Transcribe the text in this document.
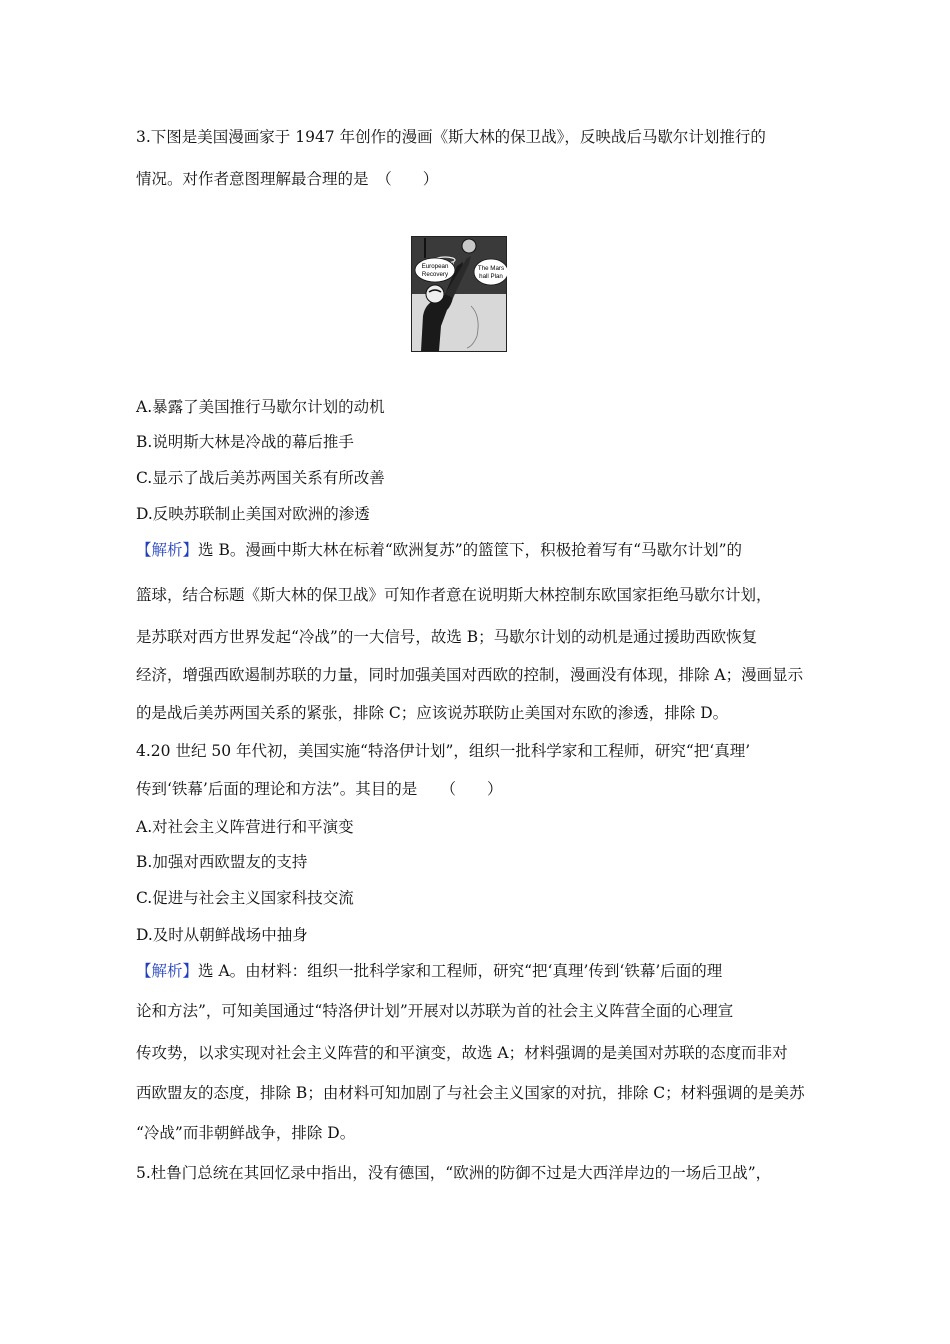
3.下图是美国漫画家于 1947 年创作的漫画《斯大林的保卫战》，反映战后马歇尔计划推行的
情况。对作者意图理解最合理的是　（　　）
European
Recovery
The Mars
hall Plan
A.暴露了美国推行马歇尔计划的动机
B.说明斯大林是冷战的幕后推手
C.显示了战后美苏两国关系有所改善
D.反映苏联制止美国对欧洲的渗透
【解析】选 B。漫画中斯大林在标着“欧洲复苏”的篮筐下，积极抢着写有“马歇尔计划”的
篮球，结合标题《斯大林的保卫战》可知作者意在说明斯大林控制东欧国家拒绝马歇尔计划，
是苏联对西方世界发起“冷战”的一大信号，故选 B；马歇尔计划的动机是通过援助西欧恢复
经济，增强西欧遏制苏联的力量，同时加强美国对西欧的控制，漫画没有体现，排除 A；漫画显示
的是战后美苏两国关系的紧张，排除 C；应该说苏联防止美国对东欧的渗透，排除 D。
4.20 世纪 50 年代初，美国实施“特洛伊计划”，组织一批科学家和工程师，研究“把‘真理’
传到‘铁幕’后面的理论和方法”。其目的是　　（　　）
A.对社会主义阵营进行和平演变
B.加强对西欧盟友的支持
C.促进与社会主义国家科技交流
D.及时从朝鲜战场中抽身
【解析】选 A。由材料：组织一批科学家和工程师，研究“把‘真理’传到‘铁幕’后面的理
论和方法”，可知美国通过“特洛伊计划”开展对以苏联为首的社会主义阵营全面的心理宣
传攻势，以求实现对社会主义阵营的和平演变，故选 A；材料强调的是美国对苏联的态度而非对
西欧盟友的态度，排除 B；由材料可知加剧了与社会主义国家的对抗，排除 C；材料强调的是美苏
“冷战”而非朝鲜战争，排除 D。
5.杜鲁门总统在其回忆录中指出，没有德国，“欧洲的防御不过是大西洋岸边的一场后卫战”，
